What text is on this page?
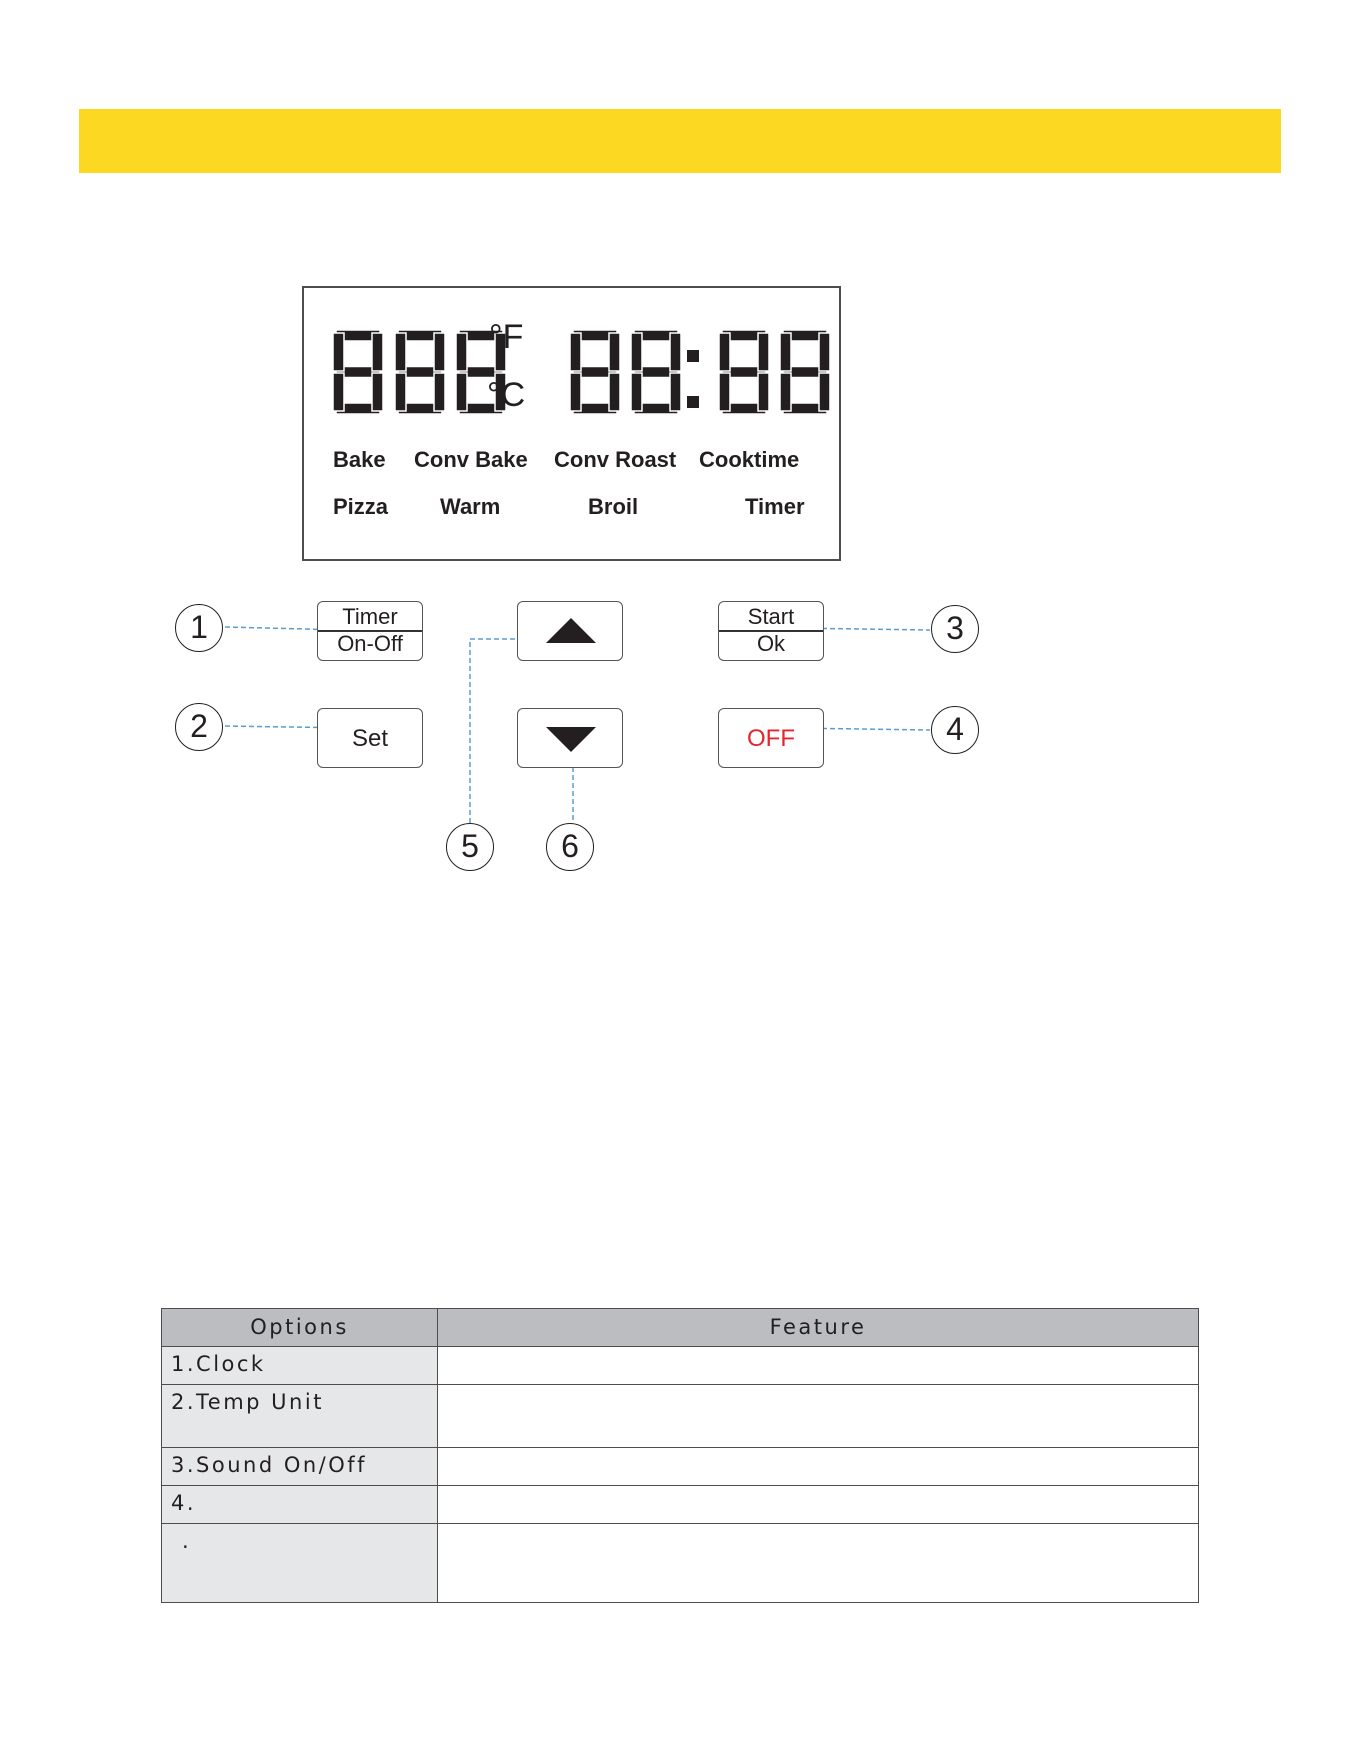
°F
°C
Bake Conv Bake Conv Roast Cooktime
Pizza Warm	Broil	Timer
Timer
On-Off
Start
Ok
Set	OFF
1
2
3
4
5	6
Options	Feature
1.Clock	
2.Temp Unit	
3.Sound On/Off	
4.	
.	
